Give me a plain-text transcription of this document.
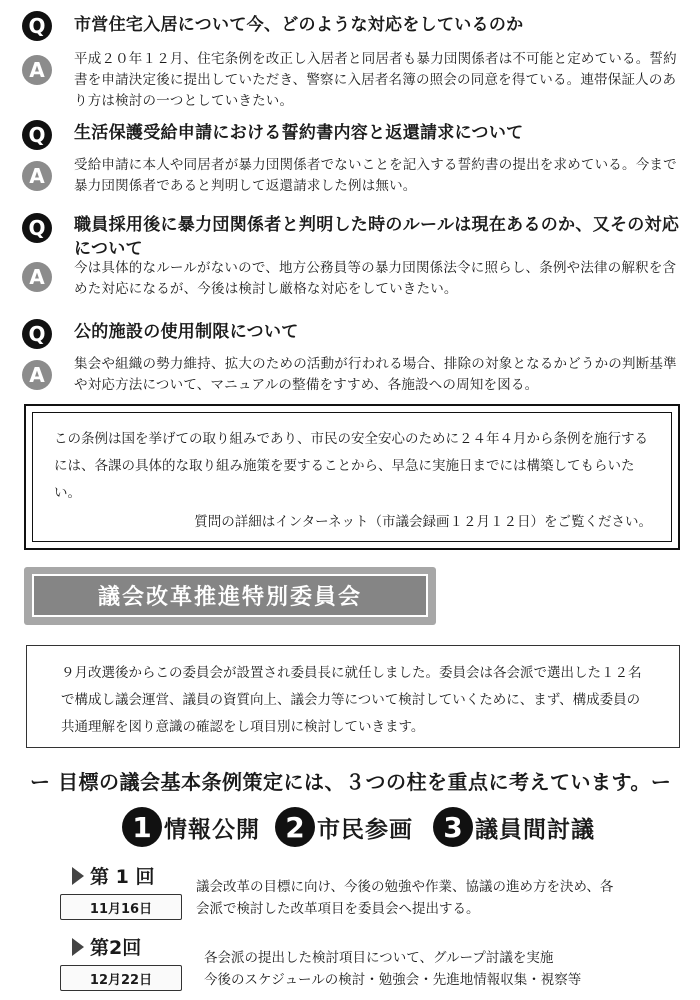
Q	市営住宅入居について今、どのような対応をしているのか
A	平成２０年１２月、住宅条例を改正し入居者と同居者も暴力団関係者は不可能と定めている。誓約書を申請決定後に提出していただき、警察に入居者名簿の照会の同意を得ている。連帯保証人のあり方は検討の一つとしていきたい。
Q	生活保護受給申請における誓約書内容と返還請求について
A	受給申請に本人や同居者が暴力団関係者でないことを記入する誓約書の提出を求めている。今まで暴力団関係者であると判明して返還請求した例は無い。
Q	職員採用後に暴力団関係者と判明した時のルールは現在あるのか、又その対応について
A	今は具体的なルールがないので、地方公務員等の暴力団関係法令に照らし、条例や法律の解釈を含めた対応になるが、今後は検討し厳格な対応をしていきたい。
Q	公的施設の使用制限について
A	集会や組織の勢力維持、拡大のための活動が行われる場合、排除の対象となるかどうかの判断基準や対応方法について、マニュアルの整備をすすめ、各施設への周知を図る。
この条例は国を挙げての取り組みであり、市民の安全安心のために２４年４月から条例を施行するには、各課の具体的な取り組み施策を要することから、早急に実施日までには構築してもらいたい。
質問の詳細はインターネット（市議会録画１２月１２日）をご覧ください。
議会改革推進特別委員会
９月改選後からこの委員会が設置され委員長に就任しました。委員会は各会派で選出した１２名で構成し議会運営、議員の資質向上、議会力等について検討していくために、まず、構成委員の共通理解を図り意識の確認をし項目別に検討していきます。
ー 目標の議会基本条例策定には、３つの柱を重点に考えています。ー
1 情報公開 2 市民参画	3 議員間討議
第 1 回
11月16日
議会改革の目標に向け、今後の勉強や作業、協議の進め方を決め、各
会派で検討した改革項目を委員会へ提出する。
第2回
12月22日
各会派の提出した検討項目について、グループ討議を実施
今後のスケジュールの検討・勉強会・先進地情報収集・視察等
